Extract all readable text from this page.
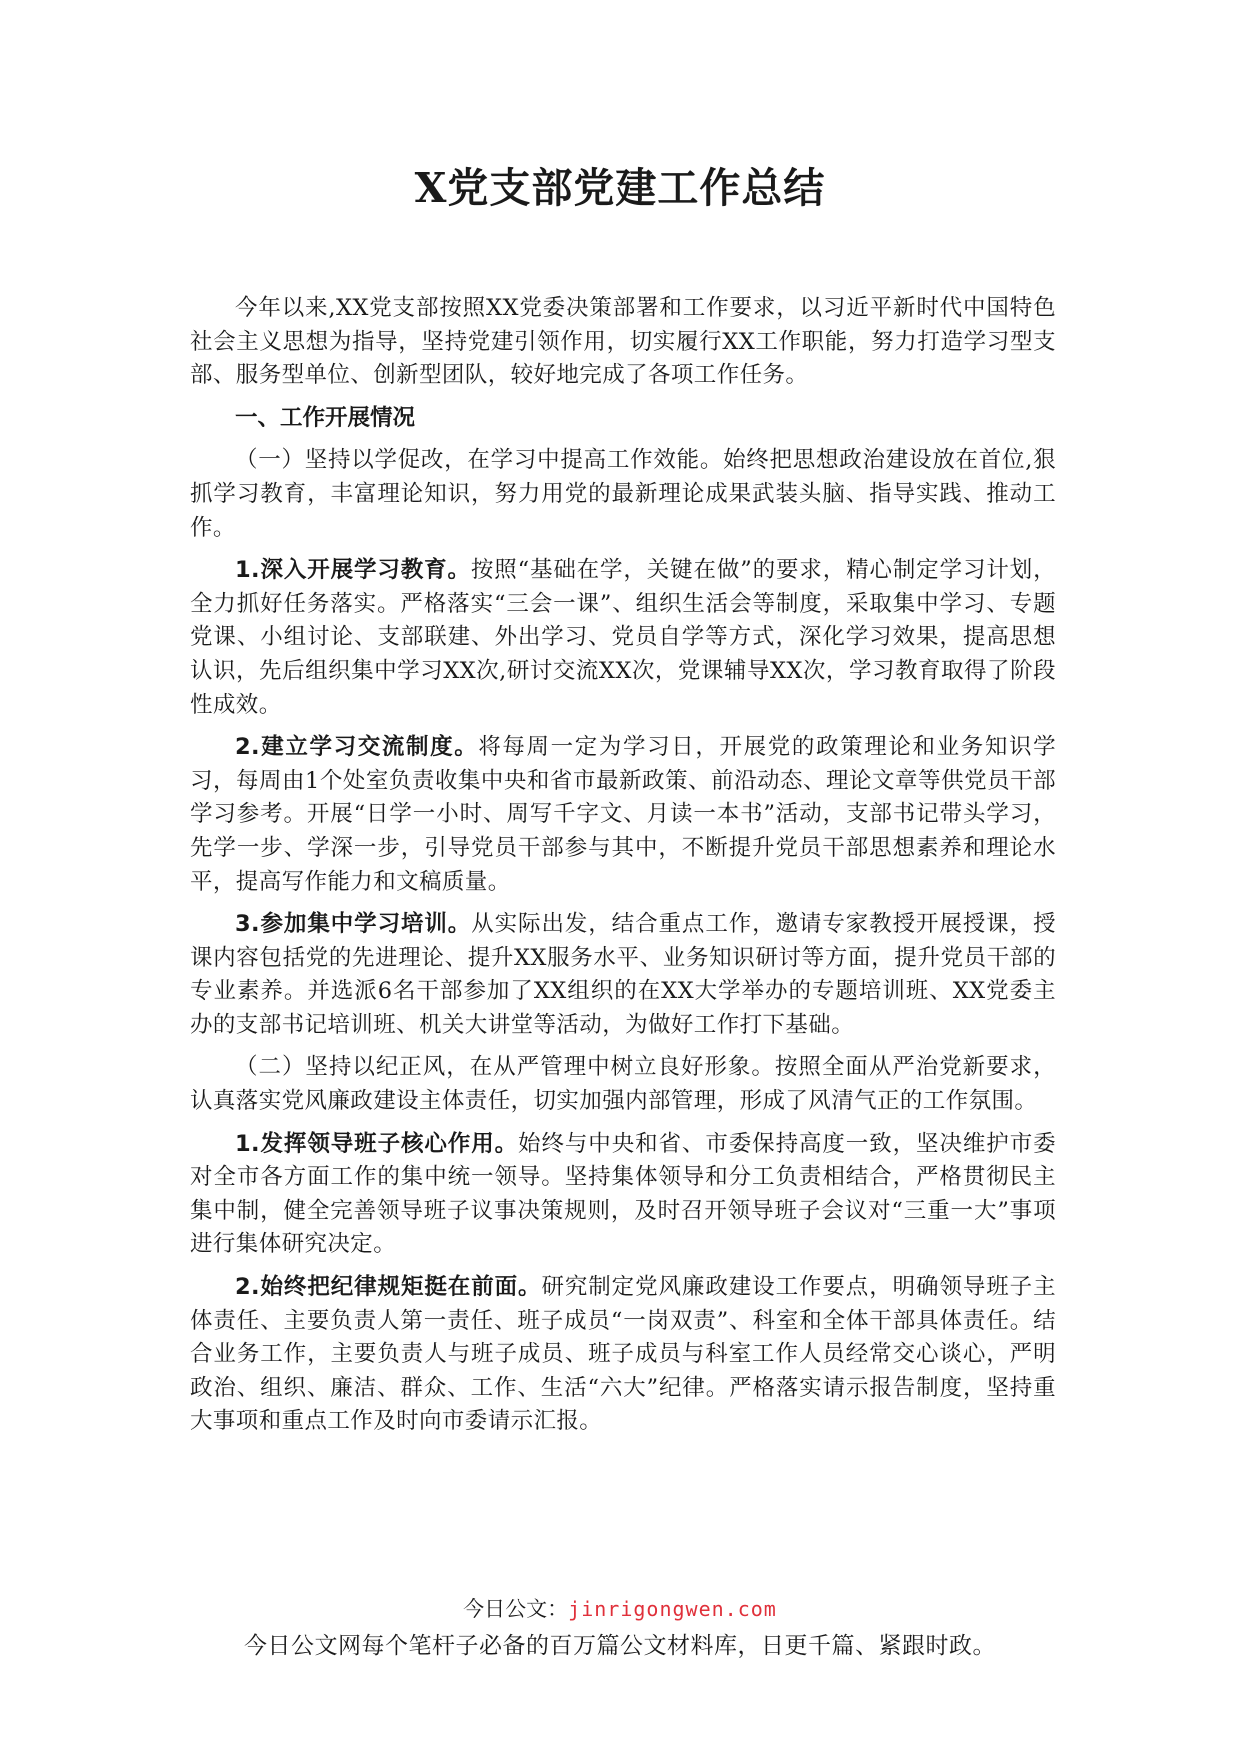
X党支部党建工作总结

今年以来,XX党支部按照XX党委决策部署和工作要求，以习近平新时代中国特色社会主义思想为指导，坚持党建引领作用，切实履行XX工作职能，努力打造学习型支部、服务型单位、创新型团队，较好地完成了各项工作任务。

一、工作开展情况

（一）坚持以学促改，在学习中提高工作效能。始终把思想政治建设放在首位,狠抓学习教育，丰富理论知识，努力用党的最新理论成果武装头脑、指导实践、推动工作。

1.深入开展学习教育。按照“基础在学，关键在做”的要求，精心制定学习计划，全力抓好任务落实。严格落实“三会一课”、组织生活会等制度，采取集中学习、专题党课、小组讨论、支部联建、外出学习、党员自学等方式，深化学习效果，提高思想认识，先后组织集中学习XX次,研讨交流XX次，党课辅导XX次，学习教育取得了阶段性成效。

2.建立学习交流制度。将每周一定为学习日，开展党的政策理论和业务知识学习，每周由1个处室负责收集中央和省市最新政策、前沿动态、理论文章等供党员干部学习参考。开展“日学一小时、周写千字文、月读一本书”活动，支部书记带头学习，先学一步、学深一步，引导党员干部参与其中，不断提升党员干部思想素养和理论水平，提高写作能力和文稿质量。

3.参加集中学习培训。从实际出发，结合重点工作，邀请专家教授开展授课，授课内容包括党的先进理论、提升XX服务水平、业务知识研讨等方面，提升党员干部的专业素养。并选派6名干部参加了XX组织的在XX大学举办的专题培训班、XX党委主办的支部书记培训班、机关大讲堂等活动，为做好工作打下基础。

（二）坚持以纪正风，在从严管理中树立良好形象。按照全面从严治党新要求，认真落实党风廉政建设主体责任，切实加强内部管理，形成了风清气正的工作氛围。

1.发挥领导班子核心作用。始终与中央和省、市委保持高度一致，坚决维护市委对全市各方面工作的集中统一领导。坚持集体领导和分工负责相结合，严格贯彻民主集中制，健全完善领导班子议事决策规则，及时召开领导班子会议对“三重一大”事项进行集体研究决定。

2.始终把纪律规矩挺在前面。研究制定党风廉政建设工作要点，明确领导班子主体责任、主要负责人第一责任、班子成员“一岗双责”、科室和全体干部具体责任。结合业务工作，主要负责人与班子成员、班子成员与科室工作人员经常交心谈心，严明政治、组织、廉洁、群众、工作、生活“六大”纪律。严格落实请示报告制度，坚持重大事项和重点工作及时向市委请示汇报。

今日公文：jinrigongwen.com
今日公文网每个笔杆子必备的百万篇公文材料库，日更千篇、紧跟时政。
